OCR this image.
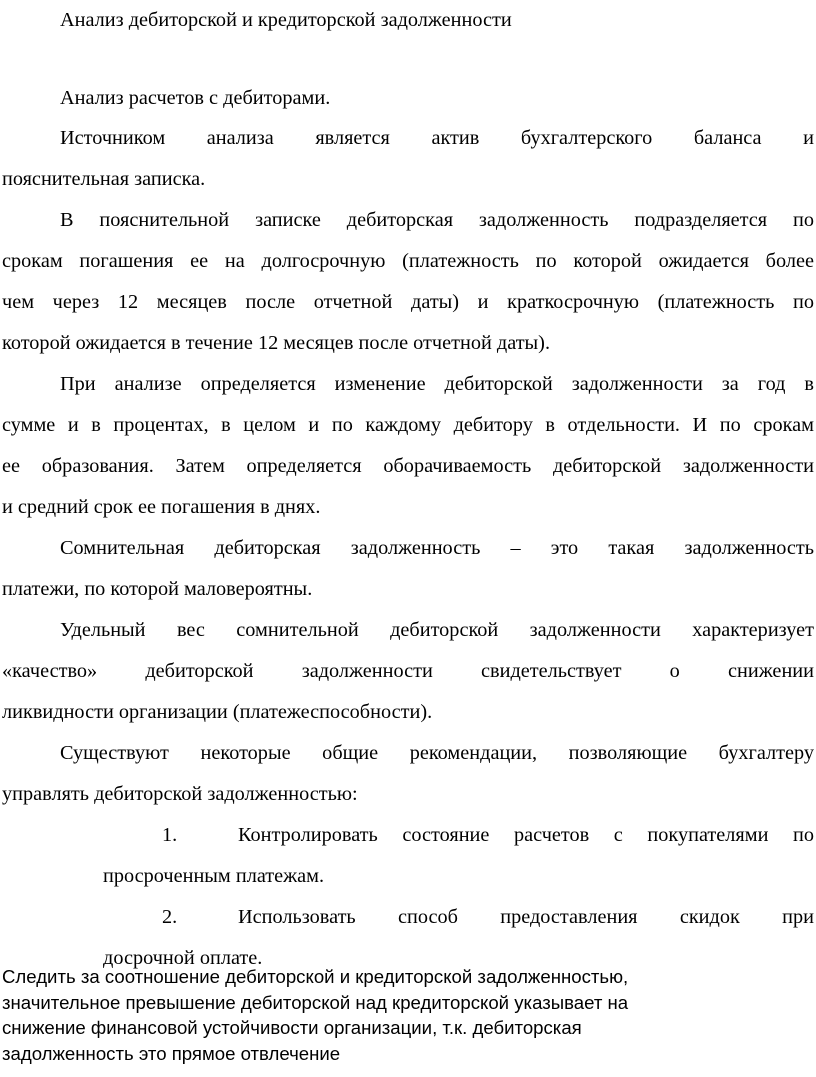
Анализ дебиторской и кредиторской задолженности
Анализ расчетов с дебиторами.
Источником анализа является актив бухгалтерского баланса и
пояснительная записка.
В пояснительной записке дебиторская задолженность подразделяется по
срокам погашения ее на долгосрочную (платежность по которой ожидается более
чем через 12 месяцев после отчетной даты) и краткосрочную (платежность по
которой ожидается в течение 12 месяцев после отчетной даты).
При анализе определяется изменение дебиторской задолженности за год в
сумме и в процентах, в целом и по каждому дебитору в отдельности. И по срокам
ее образования. Затем определяется оборачиваемость дебиторской задолженности
и средний срок ее погашения в днях.
Сомнительная дебиторская задолженность – это такая задолженность
платежи, по которой маловероятны.
Удельный вес сомнительной дебиторской задолженности характеризует
«качество» дебиторской задолженности свидетельствует о снижении
ликвидности организации (платежеспособности).
Существуют некоторые общие рекомендации, позволяющие бухгалтеру
управлять дебиторской задолженностью:
1.	Контролировать состояние расчетов с покупателями по
просроченным платежам.
2.	Использовать способ предоставления скидок при
досрочной оплате.
Следить за соотношение дебиторской и кредиторской задолженностью,
значительное превышение дебиторской над кредиторской указывает на
снижение финансовой устойчивости организации, т.к. дебиторская
задолженность это прямое отвлечение
